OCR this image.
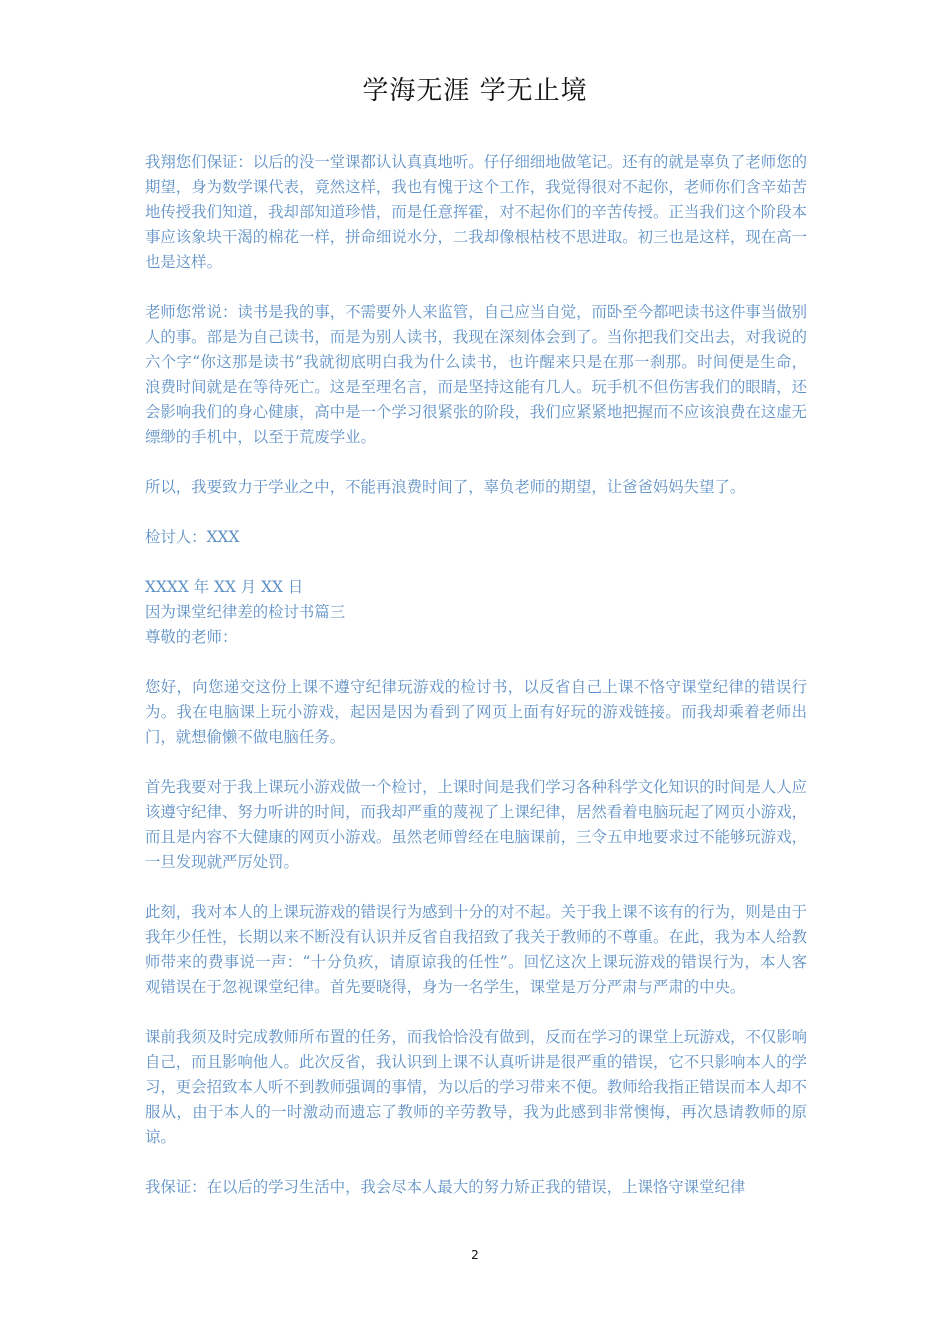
学海无涯 学无止境

我翔您们保证：以后的没一堂课都认认真真地听。仔仔细细地做笔记。还有的就是辜负了老师您的期望，身为数学课代表，竟然这样，我也有愧于这个工作，我觉得很对不起你，老师你们含辛茹苦地传授我们知道，我却部知道珍惜，而是任意挥霍，对不起你们的辛苦传授。正当我们这个阶段本事应该象块干渴的棉花一样，拼命细说水分，二我却像根枯枝不思进取。初三也是这样，现在高一也是这样。

老师您常说：读书是我的事，不需要外人来监管，自己应当自觉，而卧至今都吧读书这件事当做别人的事。部是为自己读书，而是为别人读书，我现在深刻体会到了。当你把我们交出去，对我说的六个字“你这那是读书”我就彻底明白我为什么读书，也许醒来只是在那一刹那。时间便是生命，浪费时间就是在等待死亡。这是至理名言，而是坚持这能有几人。玩手机不但伤害我们的眼睛，还会影响我们的身心健康，高中是一个学习很紧张的阶段，我们应紧紧地把握而不应该浪费在这虚无缥缈的手机中，以至于荒废学业。

所以，我要致力于学业之中，不能再浪费时间了，辜负老师的期望，让爸爸妈妈失望了。

检讨人：XXX

XXXX 年 XX 月 XX 日

因为课堂纪律差的检讨书篇三

尊敬的老师：

您好，向您递交这份上课不遵守纪律玩游戏的检讨书，以反省自己上课不恪守课堂纪律的错误行为。我在电脑课上玩小游戏，起因是因为看到了网页上面有好玩的游戏链接。而我却乘着老师出门，就想偷懒不做电脑任务。

首先我要对于我上课玩小游戏做一个检讨，上课时间是我们学习各种科学文化知识的时间是人人应该遵守纪律、努力听讲的时间，而我却严重的蔑视了上课纪律，居然看着电脑玩起了网页小游戏，而且是内容不大健康的网页小游戏。虽然老师曾经在电脑课前，三令五申地要求过不能够玩游戏，一旦发现就严厉处罚。

此刻，我对本人的上课玩游戏的错误行为感到十分的对不起。关于我上课不该有的行为，则是由于我年少任性，长期以来不断没有认识并反省自我招致了我关于教师的不尊重。在此，我为本人给教师带来的费事说一声：“十分负疚，请原谅我的任性”。回忆这次上课玩游戏的错误行为，本人客观错误在于忽视课堂纪律。首先要晓得，身为一名学生，课堂是万分严肃与严肃的中央。

课前我须及时完成教师所布置的任务，而我恰恰没有做到，反而在学习的课堂上玩游戏，不仅影响自己，而且影响他人。此次反省，我认识到上课不认真听讲是很严重的错误，它不只影响本人的学习，更会招致本人听不到教师强调的事情，为以后的学习带来不便。教师给我指正错误而本人却不服从，由于本人的一时激动而遗忘了教师的辛劳教导，我为此感到非常懊悔，再次恳请教师的原谅。

我保证：在以后的学习生活中，我会尽本人最大的努力矫正我的错误，上课恪守课堂纪律

2
